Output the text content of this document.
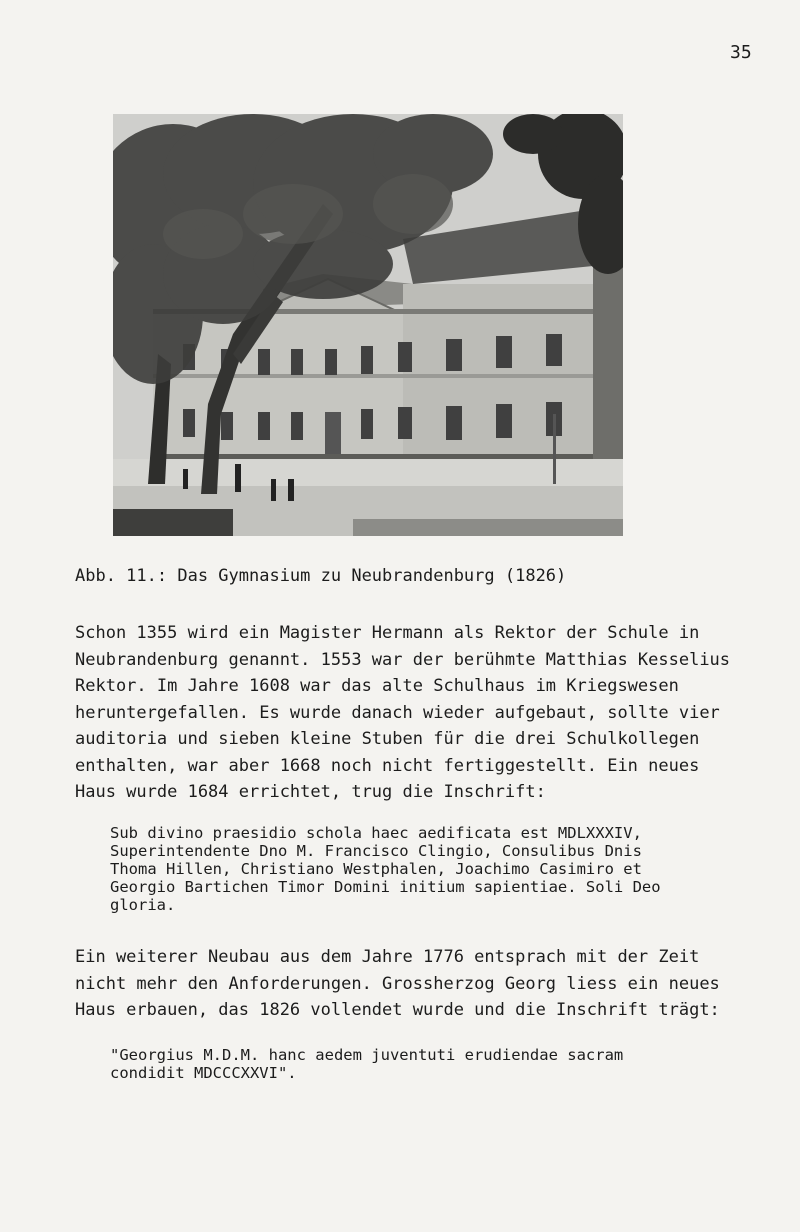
35
Abb. 11.: Das Gymnasium zu Neubrandenburg (1826)
Schon 1355 wird ein Magister Hermann als Rektor der Schule in
Neubrandenburg genannt. 1553 war der berühmte Matthias Kesselius
Rektor. Im Jahre 1608 war das alte Schulhaus im Kriegswesen
heruntergefallen. Es wurde danach wieder aufgebaut, sollte vier
auditoria und sieben kleine Stuben für die drei Schulkollegen
enthalten, war aber 1668 noch nicht fertiggestellt. Ein neues
Haus wurde 1684 errichtet, trug die Inschrift:
Sub divino praesidio schola haec aedificata est MDLXXXIV,
Superintendente Dno M. Francisco Clingio, Consulibus Dnis
Thoma Hillen, Christiano Westphalen, Joachimo Casimiro et
Georgio Bartichen Timor Domini initium sapientiae. Soli Deo
gloria.
Ein weiterer Neubau aus dem Jahre 1776 entsprach mit der Zeit
nicht mehr den Anforderungen. Grossherzog Georg liess ein neues
Haus erbauen, das 1826 vollendet wurde und die Inschrift trägt:
"Georgius M.D.M. hanc aedem juventuti erudiendae sacram
condidit MDCCCXXVI".
